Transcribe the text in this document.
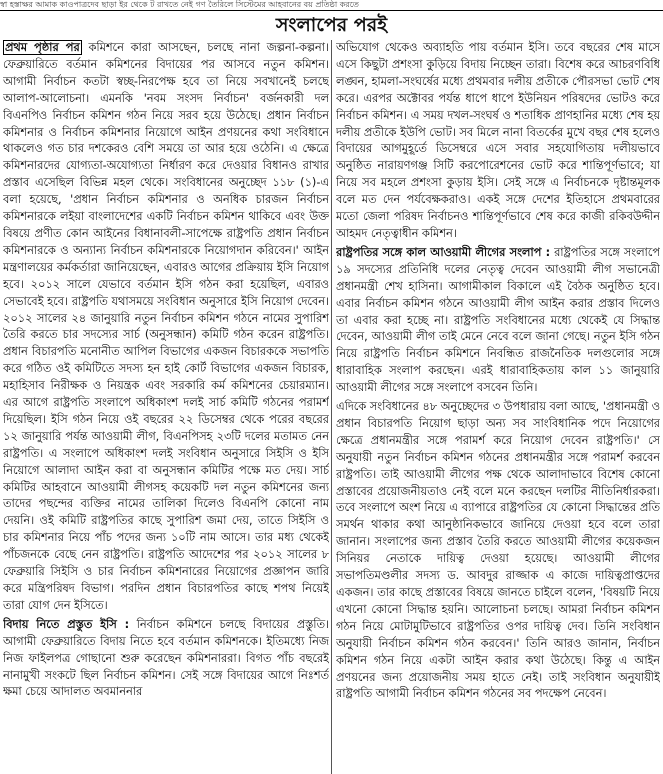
স্বা হস্তাক্ষর আমাক কাওপাত্রদেব ছাড়া ইর থেকে ট রাখতে নেই গণ তৈরিলে সিস্টেমের আহবানের বয় প্রতিষ্ঠা করতে
সংলাপের পরই

প্রথম পৃষ্ঠার পর কমিশনে কারা আসছেন, চলছে নানা জল্পনা-কল্পনা। ফেব্রুয়ারিতে বর্তমান কমিশনের বিদায়ের পর আসবে নতুন কমিশন। আগামী নির্বাচন কতটা স্বচ্ছ-নিরপেক্ষ হবে তা নিয়ে সবখানেই চলছে আলাপ-আলোচনা। এমনকি 'নবম সংসদ নির্বাচন' বর্জনকারী দল বিএনপিও নির্বাচন কমিশন গঠন নিয়ে সরব হয়ে উঠেছে। প্রধান নির্বাচন কমিশনার ও নির্বাচন কমিশনার নিয়োগে আইন প্রণয়নের কথা সংবিধানে থাকলেও গত চার দশকেরও বেশি সময়ে তা আর হয়ে ওঠেনি। এ ক্ষেত্রে কমিশনারদের যোগ্যতা-অযোগ্যতা নির্ধারণ করে দেওয়ার বিধানও রাখার প্রস্তাব এসেছিল বিভিন্ন মহল থেকে। সংবিধানের অনুচ্ছেদ ১১৮ (১)-এ বলা হয়েছে, 'প্রধান নির্বাচন কমিশনার ও অনধিক চারজন নির্বাচন কমিশনারকে লইয়া বাংলাদেশের একটি নির্বাচন কমিশন থাকিবে এবং উক্ত বিষয়ে প্রণীত কোন আইনের বিধানাবলী-সাপেক্ষে রাষ্ট্রপতি প্রধান নির্বাচন কমিশনারকে ও অন্যান্য নির্বাচন কমিশনারকে নিয়োগদান করিবেন।' আইন মন্ত্রণালয়ের কর্মকর্তারা জানিয়েছেন, এবারও আগের প্রক্রিয়ায় ইসি নিয়োগ হবে। ২০১২ সালে যেভাবে বর্তমান ইসি গঠন করা হয়েছিল, এবারও সেভাবেই হবে। রাষ্ট্রপতি যথাসময়ে সংবিধান অনুসারে ইসি নিয়োগ দেবেন। ২০১২ সালের ২৪ জানুয়ারি নতুন নির্বাচন কমিশন গঠনে নামের সুপারিশ তৈরি করতে চার সদস্যের সার্চ (অনুসন্ধান) কমিটি গঠন করেন রাষ্ট্রপতি। প্রধান বিচারপতি মনোনীত আপিল বিভাগের একজন বিচারককে সভাপতি করে গঠিত ওই কমিটিতে সদস্য হন হাই কোর্ট বিভাগের একজন বিচারক, মহাহিসাব নিরীক্ষক ও নিয়ন্ত্রক এবং সরকারি কর্ম কমিশনের চেয়ারম্যান। এর আগে রাষ্ট্রপতি সংলাপে অধিকাংশ দলই সার্চ কমিটি গঠনের পরামর্শ দিয়েছিল। ইসি গঠন নিয়ে ওই বছরের ২২ ডিসেম্বর থেকে পরের বছরের ১২ জানুয়ারি পর্যন্ত আওয়ামী লীগ, বিএনপিসহ ২৩টি দলের মতামত নেন রাষ্ট্রপতি। এ সংলাপে অধিকাংশ দলই সংবিধান অনুসারে সিইসি ও ইসি নিয়োগে আলাদা আইন করা বা অনুসন্ধান কমিটির পক্ষে মত দেয়। সার্চ কমিটির আহবানে আওয়ামী লীগসহ কয়েকটি দল নতুন কমিশনের জন্য তাদের পছন্দের ব্যক্তির নামের তালিকা দিলেও বিএনপি কোনো নাম দেয়নি। ওই কমিটি রাষ্ট্রপতির কাছে সুপারিশ জমা দেয়, তাতে সিইসি ও চার কমিশনার নিয়ে পাঁচ পদের জন্য ১০টি নাম আসে। তার মধ্য থেকেই পাঁচজনকে বেছে নেন রাষ্ট্রপতি। রাষ্ট্রপতি আদেশের পর ২০১২ সালের ৮ ফেব্রুয়ারি সিইসি ও চার নির্বাচন কমিশনারের নিয়োগের প্রজ্ঞাপন জারি করে মন্ত্রিপরিষদ বিভাগ। পরদিন প্রধান বিচারপতির কাছে শপথ নিয়েই তারা যোগ দেন ইসিতে।

বিদায় নিতে প্রস্তুত ইসি : নির্বাচন কমিশনে চলছে বিদায়ের প্রস্তুতি। আগামী ফেব্রুয়ারিতে বিদায় নিতে হবে বর্তমান কমিশনকে। ইতিমধ্যে নিজ নিজ ফাইলপত্র গোছানো শুরু করেছেন কমিশনাররা। বিগত পাঁচ বছরেই নানামুখী সংকটে ছিল নির্বাচন কমিশন। সেই সঙ্গে বিদায়ের আগে নিঃশর্ত ক্ষমা চেয়ে আদালত অবমাননার

অভিযোগ থেকেও অব্যাহতি পায় বর্তমান ইসি। তবে বছরের শেষ মাসে এসে কিছুটা প্রশংসা কুড়িয়ে বিদায় নিচ্ছেন তারা। বিশেষ করে আচরণবিধি লঙ্ঘন, হামলা-সংঘর্ষের মধ্যে প্রথমবার দলীয় প্রতীকে পৌরসভা ভোট শেষ করে। এরপর অক্টোবর পর্যন্ত ধাপে ধাপে ইউনিয়ন পরিষদের ভোটও করে নির্বাচন কমিশন। এ সময় দখল-সংঘর্ষ ও শতাধিক প্রাণহানির মধ্যে শেষ হয় দলীয় প্রতীকে ইউপি ভোট। সব মিলে নানা বিতর্কের মুখে বছর শেষ হলেও বিদায়ের আগমুহূর্তে ডিসেম্বরে এসে সবার সহযোগিতায় দলীয়ভাবে অনুষ্ঠিত নারায়ণগঞ্জ সিটি করপোরেশনের ভোট করে শান্তিপূর্ণভাবে; যা নিয়ে সব মহলে প্রশংসা কুড়ায় ইসি। সেই সঙ্গে এ নির্বাচনকে দৃষ্টান্তমূলক বলে মত দেন পর্যবেক্ষকরাও। একই সঙ্গে দেশের ইতিহাসে প্রথমবারের মতো জেলা পরিষদ নির্বাচনও শান্তিপূর্ণভাবে শেষ করে কাজী রকিবউদ্দীন আহমদ নেতৃত্বাধীন কমিশন।

রাষ্ট্রপতির সঙ্গে কাল আওয়ামী লীগের সংলাপ : রাষ্ট্রপতির সঙ্গে সংলাপে ১৯ সদস্যের প্রতিনিধি দলের নেতৃত্ব দেবেন আওয়ামী লীগ সভানেত্রী প্রধানমন্ত্রী শেখ হাসিনা। আগামীকাল বিকালে এই বৈঠক অনুষ্ঠিত হবে। এবার নির্বাচন কমিশন গঠনে আওয়ামী লীগ আইন করার প্রস্তাব দিলেও তা এবার করা হচ্ছে না। রাষ্ট্রপতি সংবিধানের মধ্যে থেকেই যে সিদ্ধান্ত দেবেন, আওয়ামী লীগ তাই মেনে নেবে বলে জানা গেছে। নতুন ইসি গঠন নিয়ে রাষ্ট্রপতি নির্বাচন কমিশনে নিবন্ধিত রাজনৈতিক দলগুলোর সঙ্গে ধারাবাহিক সংলাপ করছেন। এরই ধারাবাহিকতায় কাল ১১ জানুয়ারি আওয়ামী লীগের সঙ্গে সংলাপে বসবেন তিনি।

এদিকে সংবিধানের ৪৮ অনুচ্ছেদের ৩ উপধারায় বলা আছে, 'প্রধানমন্ত্রী ও প্রধান বিচারপতি নিয়োগ ছাড়া অন্য সব সাংবিধানিক পদে নিয়োগের ক্ষেত্রে প্রধানমন্ত্রীর সঙ্গে পরামর্শ করে নিয়োগ দেবেন রাষ্ট্রপতি।' সে অনুযায়ী নতুন নির্বাচন কমিশন গঠনের প্রধানমন্ত্রীর সঙ্গে পরামর্শ করবেন রাষ্ট্রপতি। তাই আওয়ামী লীগের পক্ষ থেকে আলাদাভাবে বিশেষ কোনো প্রস্তাবের প্রয়োজনীয়তাও নেই বলে মনে করছেন দলটির নীতিনির্ধারকরা। তবে সংলাপে অংশ নিয়ে এ ব্যাপারে রাষ্ট্রপতির যে কোনো সিদ্ধান্তের প্রতি সমর্থন থাকার কথা আনুষ্ঠানিকভাবে জানিয়ে দেওয়া হবে বলে তারা জানান। সংলাপের জন্য প্রস্তাব তৈরি করতে আওয়ামী লীগের কয়েকজন সিনিয়র নেতাকে দায়িত্ব দেওয়া হয়েছে। আওয়ামী লীগের সভাপতিমণ্ডলীর সদস্য ড. আবদুর রাজ্জাক এ কাজে দায়িত্বপ্রাপ্তদের একজন। তার কাছে প্রস্তাবের বিষয়ে জানতে চাইলে বলেন, 'বিষয়টি নিয়ে এখনো কোনো সিদ্ধান্ত হয়নি। আলোচনা চলছে। আমরা নির্বাচন কমিশন গঠন নিয়ে মোটামুটিভাবে রাষ্ট্রপতির ওপর দায়িত্ব দেব। তিনি সংবিধান অনুযায়ী নির্বাচন কমিশন গঠন করবেন।' তিনি আরও জানান, নির্বাচন কমিশন গঠন নিয়ে একটা আইন করার কথা উঠেছে। কিন্তু এ আইন প্রণয়নের জন্য প্রয়োজনীয় সময় হাতে নেই। তাই সংবিধান অনুযায়ীই রাষ্ট্রপতি আগামী নির্বাচন কমিশন গঠনের সব পদক্ষেপ নেবেন।
